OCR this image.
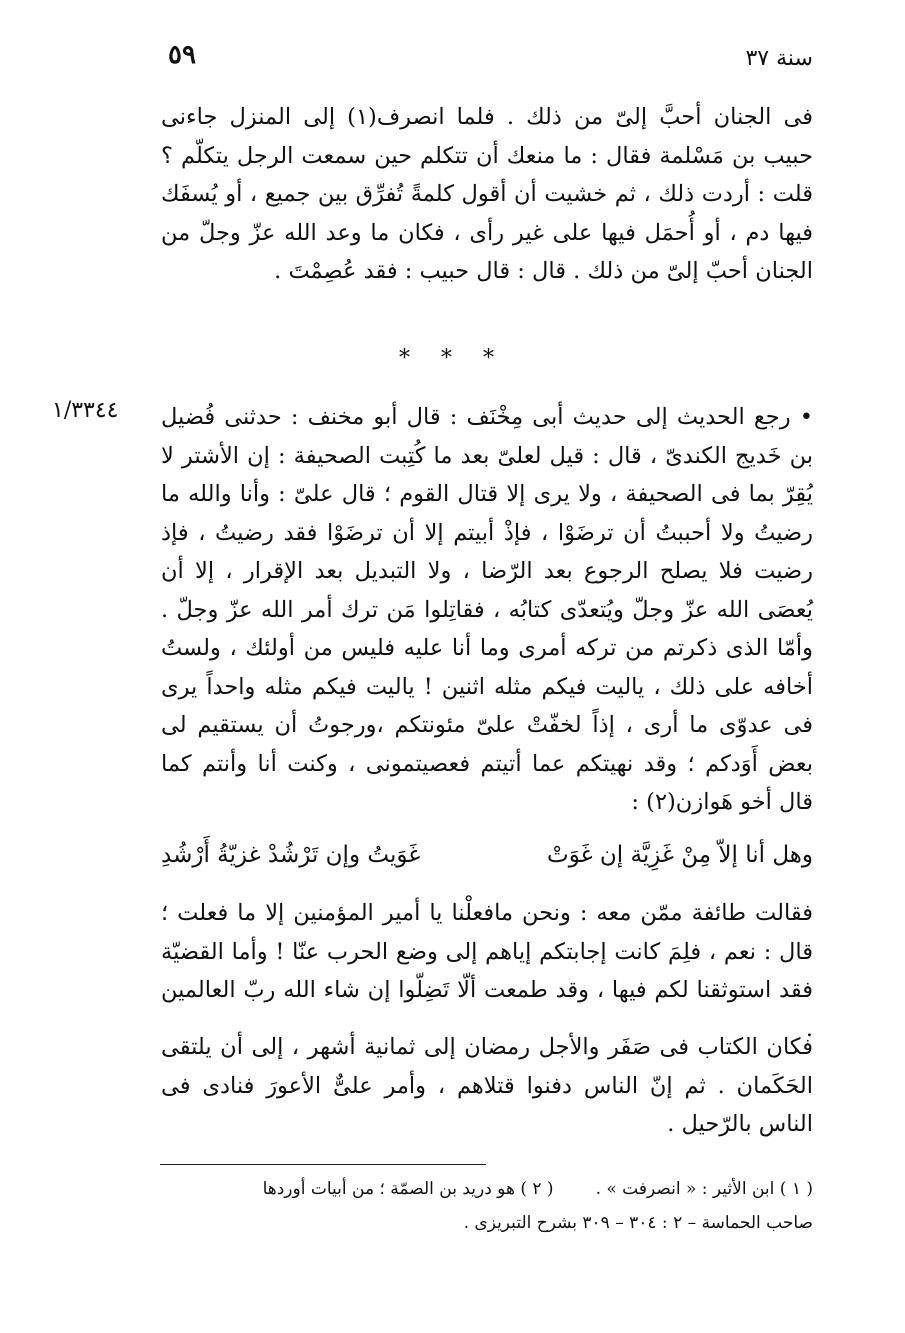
سنة ٣٧
٥٩

فى الجنان أحبَّ إلىّ من ذلك . فلما انصرف(١) إلى المنزل جاءنى حبيب بن مَسْلمة فقال : ما منعك أن تتكلم حين سمعت الرجل يتكلّم ؟ قلت : أردت ذلك ، ثم خشيت أن أقول كلمةً تُفرِّق بين جميع ، أو يُسفَك فيها دم ، أو أُحمَل فيها على غير رأى ، فكان ما وعد الله عزّ وجلّ من الجنان أحبّ إلىّ من ذلك . قال : قال حبيب : فقد عُصِمْتَ .

* * *
١/٣٣٤٤ • رجع الحديث إلى حديث أبى مِخْنَف : قال أبو مخنف : حدثنى فُضيل بن خَديج الكندىّ ، قال : قيل لعلىّ بعد ما كُتِبت الصحيفة : إن الأشتر لا يُقِرّ بما فى الصحيفة ، ولا يرى إلا قتال القوم ؛ قال علىّ : وأنا والله ما رضيتُ ولا أحببتُ أن ترضَوْا ، فإذْ أبيتم إلا أن ترضَوْا فقد رضيتُ ، فإذ رضيت فلا يصلح الرجوع بعد الرّضا ، ولا التبديل بعد الإقرار ، إلا أن يُعصَى الله عزّ وجلّ ويُتعدّى كتابُه ، فقاتِلوا مَن ترك أمر الله عزّ وجلّ . وأمّا الذى ذكرتم من تركه أمرى وما أنا عليه فليس من أولئك ، ولستُ أخافه على ذلك ، ياليت فيكم مثله اثنين ! ياليت فيكم مثله واحداً يرى فى عدوّى ما أرى ، إذاً لخفّتْ علىّ مئونتكم ،ورجوتُ أن يستقيم لى بعض أَوَدكم ؛ وقد نهيتكم عما أتيتم فعصيتمونى ، وكنت أنا وأنتم كما قال أخو هَوازن(٢) :

وهل أنا إلاّ مِنْ غَزِيَّة إن غَوَتْ
غَوَيتُ وإن تَرْشُدْ غزيّةُ أَرْشُدِ

فقالت طائفة ممّن معه : ونحن مافعلْنا يا أمير المؤمنين إلا ما فعلت ؛ قال : نعم ، فلِمَ كانت إجابتكم إياهم إلى وضع الحرب عنّا ! وأما القضيّة فقد استوثقنا لكم فيها ، وقد طمعت ألّا تَضِلّوا إن شاء الله ربّ العالمين .

فكان الكتاب فى صَفَر والأجل رمضان إلى ثمانية أشهر ، إلى أن يلتقى الحَكَمان . ثم إنّ الناس دفنوا قتلاهم ، وأمر علىٌّ الأعورَ فنادى فى الناس بالرّحيل .

( ١ ) ابن الأثير : « انصرفت » .( ٢ ) هو دريد بن الصمّة ؛ من أبيات أوردها

صاحب الحماسة – ٢ : ٣٠٤ – ٣٠٩ بشرح التبريزى .
